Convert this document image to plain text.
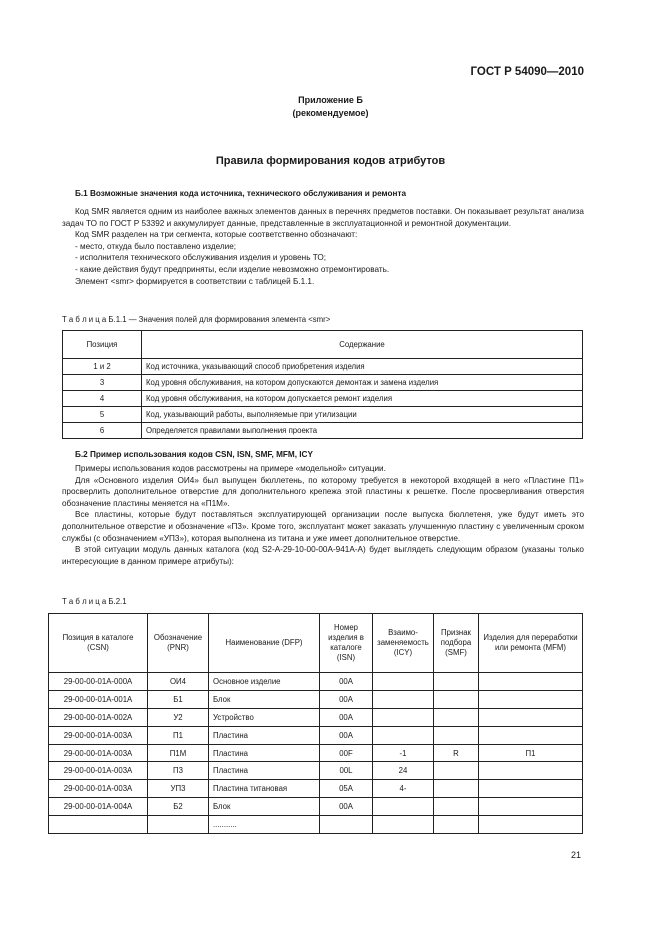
ГОСТ Р 54090—2010
Приложение Б
(рекомендуемое)
Правила формирования кодов атрибутов
Б.1 Возможные значения кода источника, технического обслуживания и ремонта

Код SMR является одним из наиболее важных элементов данных в перечнях предметов поставки. Он показывает результат анализа задач ТО по ГОСТ Р 53392 и аккумулирует данные, представленные в эксплуатационной и ремонтной документации.

Код SMR разделен на три сегмента, которые соответственно обозначают:

- место, откуда было поставлено изделие;

- исполнителя технического обслуживания изделия и уровень ТО;

- какие действия будут предприняты, если изделие невозможно отремонтировать.

Элемент <smr> формируется в соответствии с таблицей Б.1.1.

Т а б л и ц а Б.1.1 — Значения полей для формирования элемента <smr>
Позиция	Содержание
1 и 2	Код источника, указывающий способ приобретения изделия
3	Код уровня обслуживания, на котором допускаются демонтаж и замена изделия
4	Код уровня обслуживания, на котором допускается ремонт изделия
5	Код, указывающий работы, выполняемые при утилизации
6	Определяется правилами выполнения проекта
Б.2 Пример использования кодов CSN, ISN, SMF, MFM, ICY

Примеры использования кодов рассмотрены на примере «модельной» ситуации.

Для «Основного изделия ОИ4» был выпущен бюллетень, по которому требуется в некоторой входящей в него «Пластине П1» просверлить дополнительное отверстие для дополнительного крепежа этой пластины к решетке. После просверливания отверстия обозначение пластины меняется на «П1М».

Все пластины, которые будут поставляться эксплуатирующей организации после выпуска бюллетеня, уже будут иметь это дополнительное отверстие и обозначение «П3». Кроме того, эксплуатант может заказать улучшенную пластину с увеличенным сроком службы (с обозначением «УП3»), которая выполнена из титана и уже имеет дополнительное отверстие.

В этой ситуации модуль данных каталога (код S2-A-29-10-00-00A-941A-A) будет выглядеть следующим образом (указаны только интересующие в данном примере атрибуты):

Т а б л и ц а Б.2.1
Позиция в каталоге (CSN)	Обозначение (PNR)	Наименование (DFP)	Номер изделия в каталоге (ISN)	Взаимо-заменяемость (ICY)	Признак подбора (SMF)	Изделия для переработки или ремонта (MFM)
29-00-00-01A-000A	ОИ4	Основное изделие	00A			
29-00-00-01A-001A	Б1	Блок	00A			
29-00-00-01A-002A	У2	Устройство	00A			
29-00-00-01A-003A	П1	Пластина	00A			
29-00-00-01A-003A	П1М	Пластина	00F	-1	R	П1
29-00-00-01A-003A	П3	Пластина	00L	24		
29-00-00-01A-003A	УП3	Пластина титановая	05A	4-		
29-00-00-01A-004A	Б2	Блок	00A			
		...........				
21
